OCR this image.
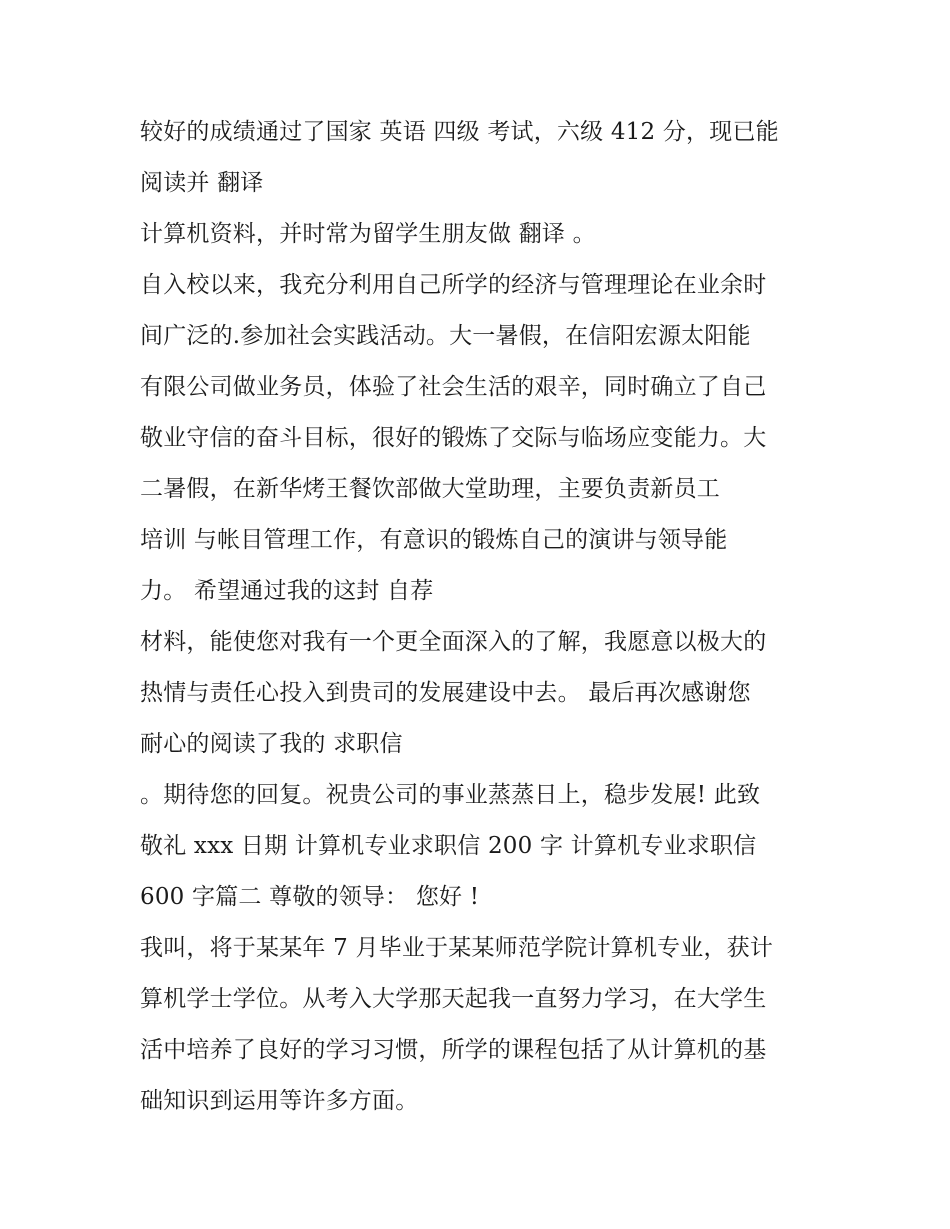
较好的成绩通过了国家 英语 四级 考试，六级 412 分，现已能
阅读并 翻译
计算机资料，并时常为留学生朋友做 翻译 。
自入校以来，我充分利用自己所学的经济与管理理论在业余时
间广泛的.参加社会实践活动。大一暑假，在信阳宏源太阳能
有限公司做业务员，体验了社会生活的艰辛，同时确立了自己
敬业守信的奋斗目标，很好的锻炼了交际与临场应变能力。大
二暑假，在新华烤王餐饮部做大堂助理，主要负责新员工
培训 与帐目管理工作，有意识的锻炼自己的演讲与领导能
力。 希望通过我的这封 自荐
材料，能使您对我有一个更全面深入的了解，我愿意以极大的
热情与责任心投入到贵司的发展建设中去。 最后再次感谢您
耐心的阅读了我的 求职信
。期待您的回复。祝贵公司的事业蒸蒸日上，稳步发展! 此致
敬礼 xxx 日期 计算机专业求职信 200 字 计算机专业求职信
600 字篇二 尊敬的领导： 您好 !
我叫，将于某某年 7 月毕业于某某师范学院计算机专业，获计
算机学士学位。从考入大学那天起我一直努力学习，在大学生
活中培养了良好的学习习惯，所学的课程包括了从计算机的基
础知识到运用等许多方面。
